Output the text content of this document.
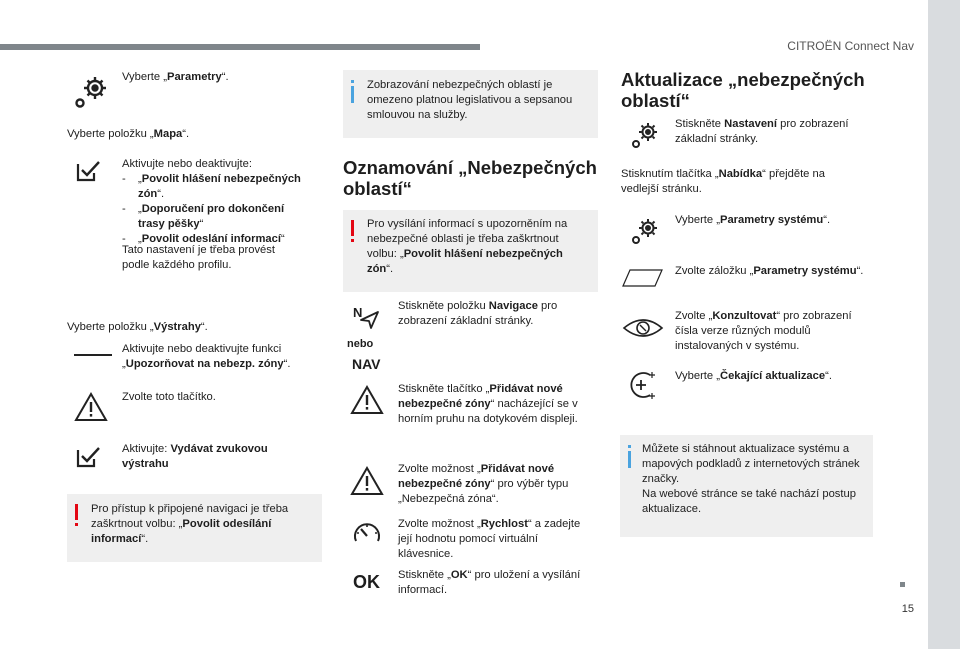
CITROËN Connect Nav
15
Vyberte „Parametry“.
Vyberte položku „Mapa“.
Aktivujte nebo deaktivujte:
- „Povolit hlášení nebezpečných zón“.
- „Doporučení pro dokončení trasy pěšky“
- „Povolit odeslání informací“
Tato nastavení je třeba provést podle každého profilu.
Vyberte položku „Výstrahy“.
Aktivujte nebo deaktivujte funkci „Upozorňovat na nebezp. zóny“.
Zvolte toto tlačítko.
Aktivujte: Vydávat zvukovou výstrahu
Pro přístup k připojené navigaci je třeba zaškrtnout volbu: „Povolit odesílání informací“.
Zobrazování nebezpečných oblastí je omezeno platnou legislativou a sepsanou smlouvou na služby.
Oznamování „Nebezpečných oblastí“
Pro vysílání informací s upozorněním na nebezpečné oblasti je třeba zaškrtnout volbu: „Povolit hlášení nebezpečných zón“.
N
nebo
NAV
Stiskněte položku Navigace pro zobrazení základní stránky.
Stiskněte tlačítko „Přidávat nové nebezpečné zóny“ nacházející se v horním pruhu na dotykovém displeji.
Zvolte možnost „Přidávat nové nebezpečné zóny“ pro výběr typu „Nebezpečná zóna“.
Zvolte možnost „Rychlost“ a zadejte její hodnotu pomocí virtuální klávesnice.
OK Stiskněte „OK“ pro uložení a vysílání informací.
Aktualizace „nebezpečných oblastí“
Stiskněte Nastavení pro zobrazení základní stránky.
Stisknutím tlačítka „Nabídka“ přejděte na vedlejší stránku.
Vyberte „Parametry systému“.
Zvolte záložku „Parametry systému“.
Zvolte „Konzultovat“ pro zobrazení čísla verze různých modulů instalovaných v systému.
Vyberte „Čekající aktualizace“.
Můžete si stáhnout aktualizace systému a mapových podkladů z internetových stránek značky.
Na webové stránce se také nachází postup aktualizace.
